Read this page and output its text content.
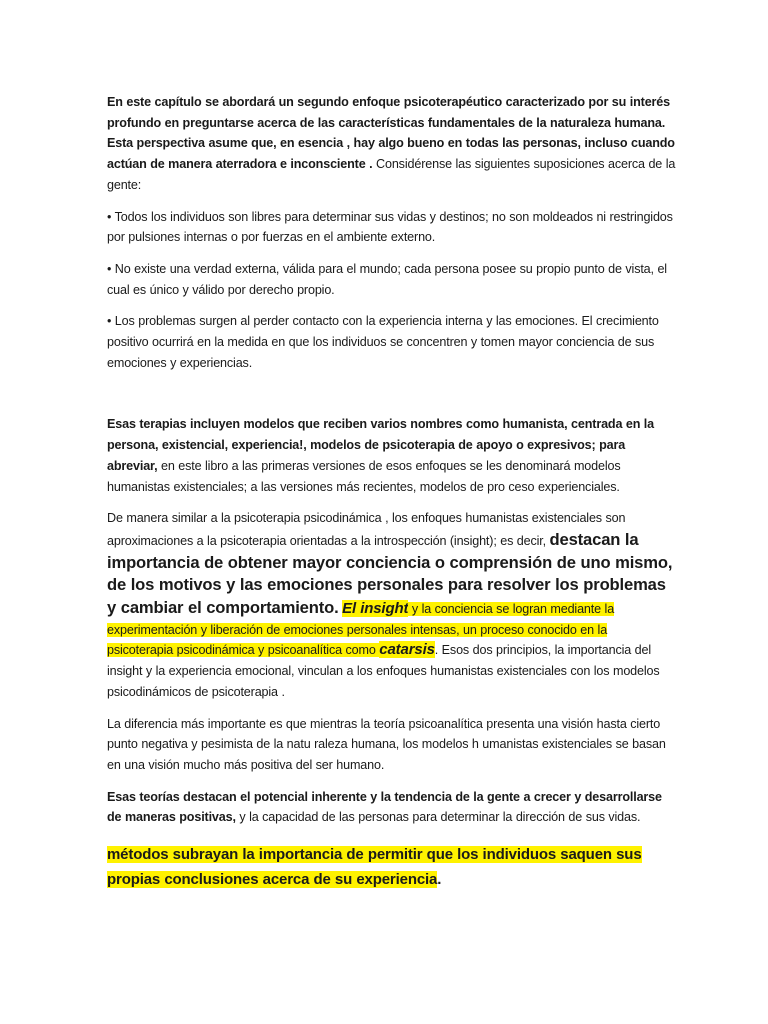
En este capítulo se abordará un segundo enfoque psicoterapéutico caracterizado por su interés profundo en preguntarse acerca de las características fundamentales de la naturaleza humana. Esta perspectiva asume que, en esencia , hay algo bueno en todas las personas, incluso cuando actúan de manera aterradora e inconsciente . Considérense las siguientes suposiciones acerca de la gente:

• Todos los individuos son libres para determinar sus vidas y destinos; no son moldeados ni restringidos por pulsiones internas o por fuerzas en el ambiente externo.

• No existe una verdad externa, válida para el mundo; cada persona posee su propio punto de vista, el cual es único y válido por derecho propio.

• Los problemas surgen al perder contacto con la experiencia interna y las emociones. El crecimiento positivo ocurrirá en la medida en que los individuos se concentren y tomen mayor conciencia de sus emociones y experiencias.

Esas terapias incluyen modelos que reciben varios nombres como humanista, centrada en la persona, existencial, experiencia!, modelos de psicoterapia de apoyo o expresivos; para abreviar, en este libro a las primeras versiones de esos enfoques se les denominará modelos humanistas existenciales; a las versiones más recientes, modelos de pro ceso experienciales.

De manera similar a la psicoterapia psicodinámica , los enfoques humanistas existenciales son aproximaciones a la psicoterapia orientadas a la introspección (insight); es decir, destacan la importancia de obtener mayor conciencia o comprensión de uno mismo, de los motivos y las emociones personales para resolver los problemas y cambiar el comportamiento. El insight y la conciencia se logran mediante la experimentación y liberación de emociones personales intensas, un proceso conocido en la psicoterapia psicodinámica y psicoanalítica como catarsis. Esos dos principios, la importancia del insight y la experiencia emocional, vinculan a los enfoques humanistas existenciales con los modelos psicodinámicos de psicoterapia .

La diferencia más importante es que mientras la teoría psicoanalítica presenta una visión hasta cierto punto negativa y pesimista de la natu raleza humana, los modelos h umanistas existenciales se basan en una visión mucho más positiva del ser humano.

Esas teorías destacan el potencial inherente y la tendencia de la gente a crecer y desarrollarse de maneras positivas, y la capacidad de las personas para determinar la dirección de sus vidas.

métodos subrayan la importancia de permitir que los individuos saquen sus propias conclusiones acerca de su experiencia.
